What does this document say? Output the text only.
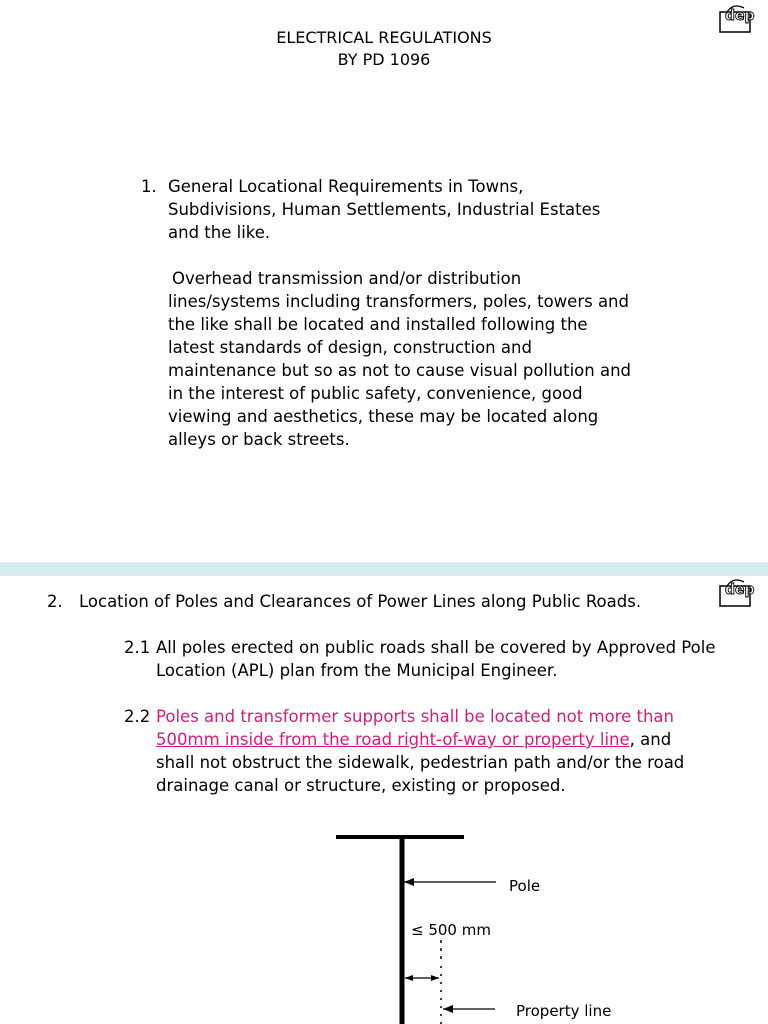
dep
ELECTRICAL REGULATIONS
BY PD 1096
1. General Locational Requirements in Towns,
Subdivisions, Human Settlements, Industrial Estates
and the like.
Overhead transmission and/or distribution
lines/systems including transformers, poles, towers and
the like shall be located and installed following the
latest standards of design, construction and
maintenance but so as not to cause visual pollution and
in the interest of public safety, convenience, good
viewing and aesthetics, these may be located along
alleys or back streets.
dep
2. Location of Poles and Clearances of Power Lines along Public Roads.
2.1 All poles erected on public roads shall be covered by Approved Pole
Location (APL) plan from the Municipal Engineer.
2.2 Poles and transformer supports shall be located not more than
500mm inside from the road right-of-way or property line, and
shall not obstruct the sidewalk, pedestrian path and/or the road
drainage canal or structure, existing or proposed.
Pole
≤ 500 mm
Property line
